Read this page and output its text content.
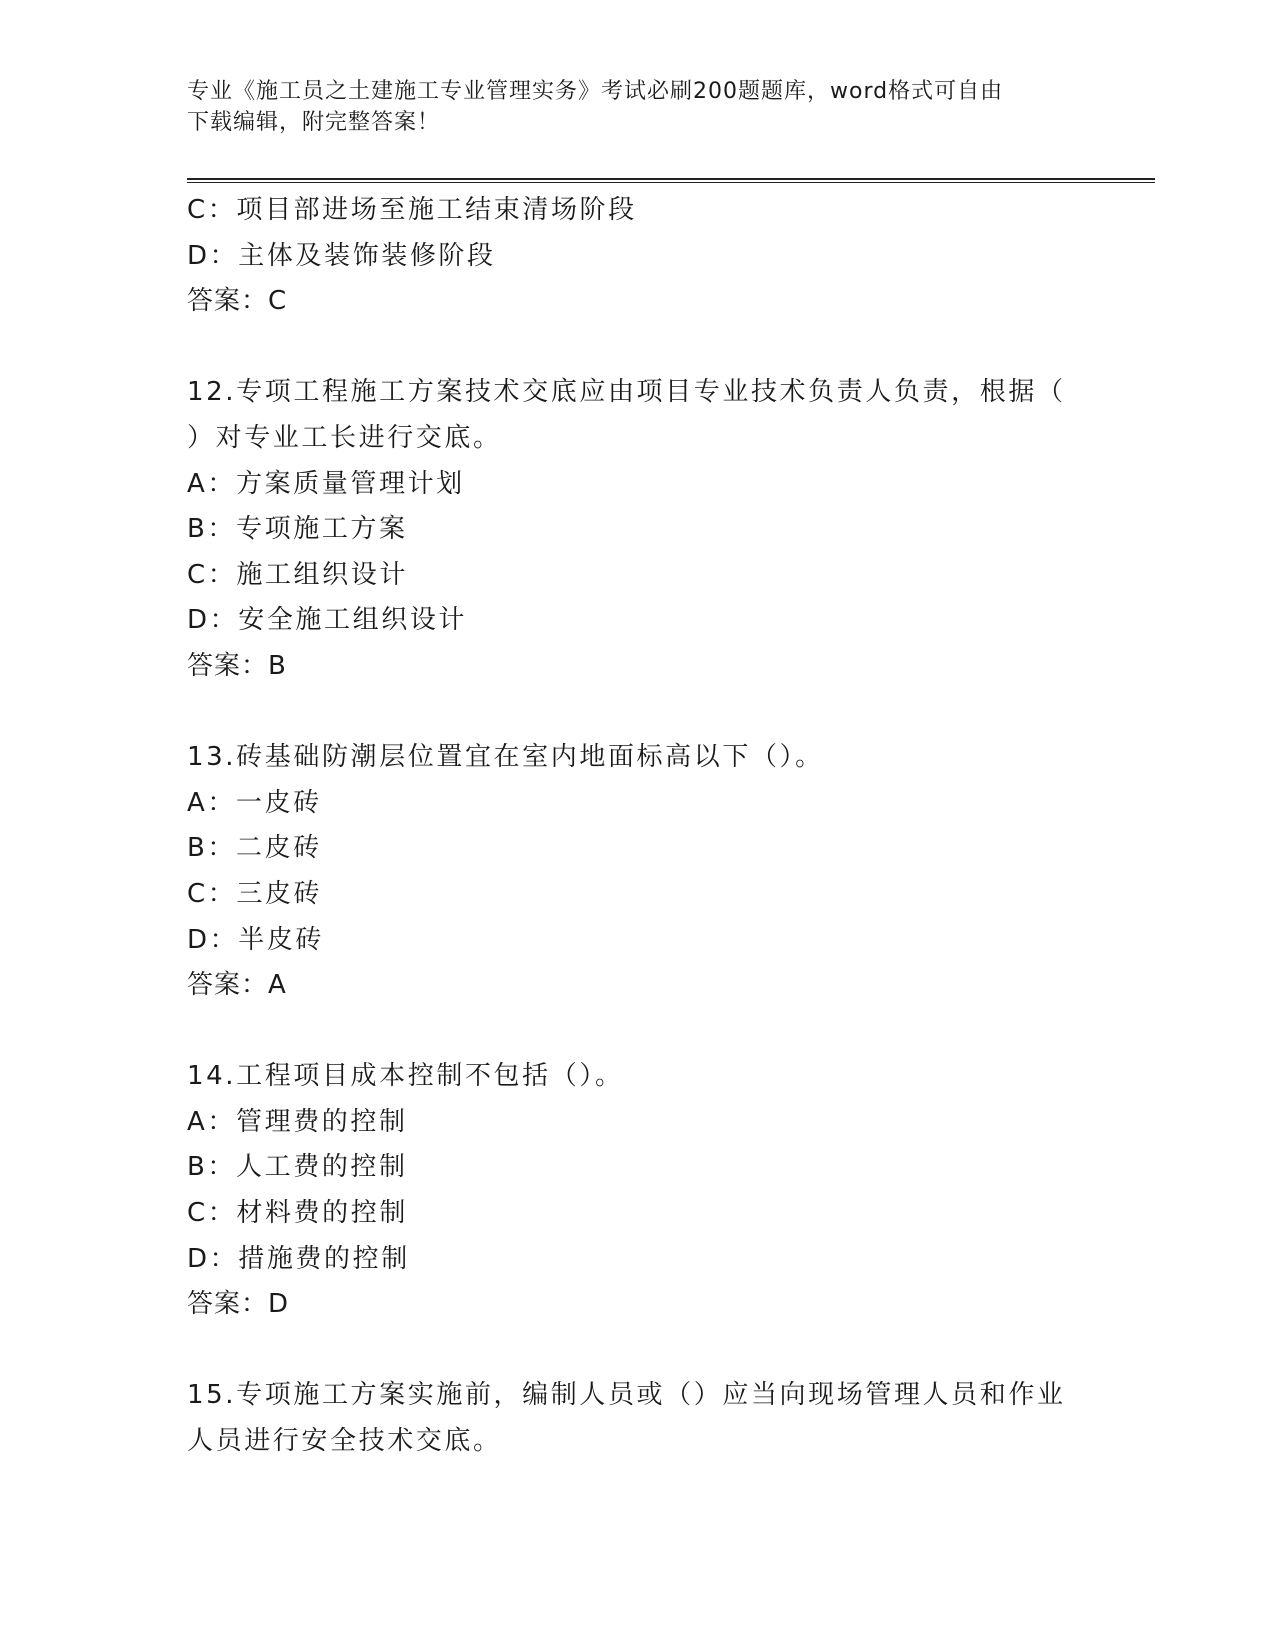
专业《施工员之土建施工专业管理实务》考试必刷200题题库，word格式可自由
下载编辑，附完整答案！
C：项目部进场至施工结束清场阶段
D：主体及装饰装修阶段
答案：C
12.专项工程施工方案技术交底应由项目专业技术负责人负责，根据（
）对专业工长进行交底。
A：方案质量管理计划
B：专项施工方案
C：施工组织设计
D：安全施工组织设计
答案：B
13.砖基础防潮层位置宜在室内地面标高以下（）。
A：一皮砖
B：二皮砖
C：三皮砖
D：半皮砖
答案：A
14.工程项目成本控制不包括（）。
A：管理费的控制
B：人工费的控制
C：材料费的控制
D：措施费的控制
答案：D
15.专项施工方案实施前，编制人员或（）应当向现场管理人员和作业
人员进行安全技术交底。
